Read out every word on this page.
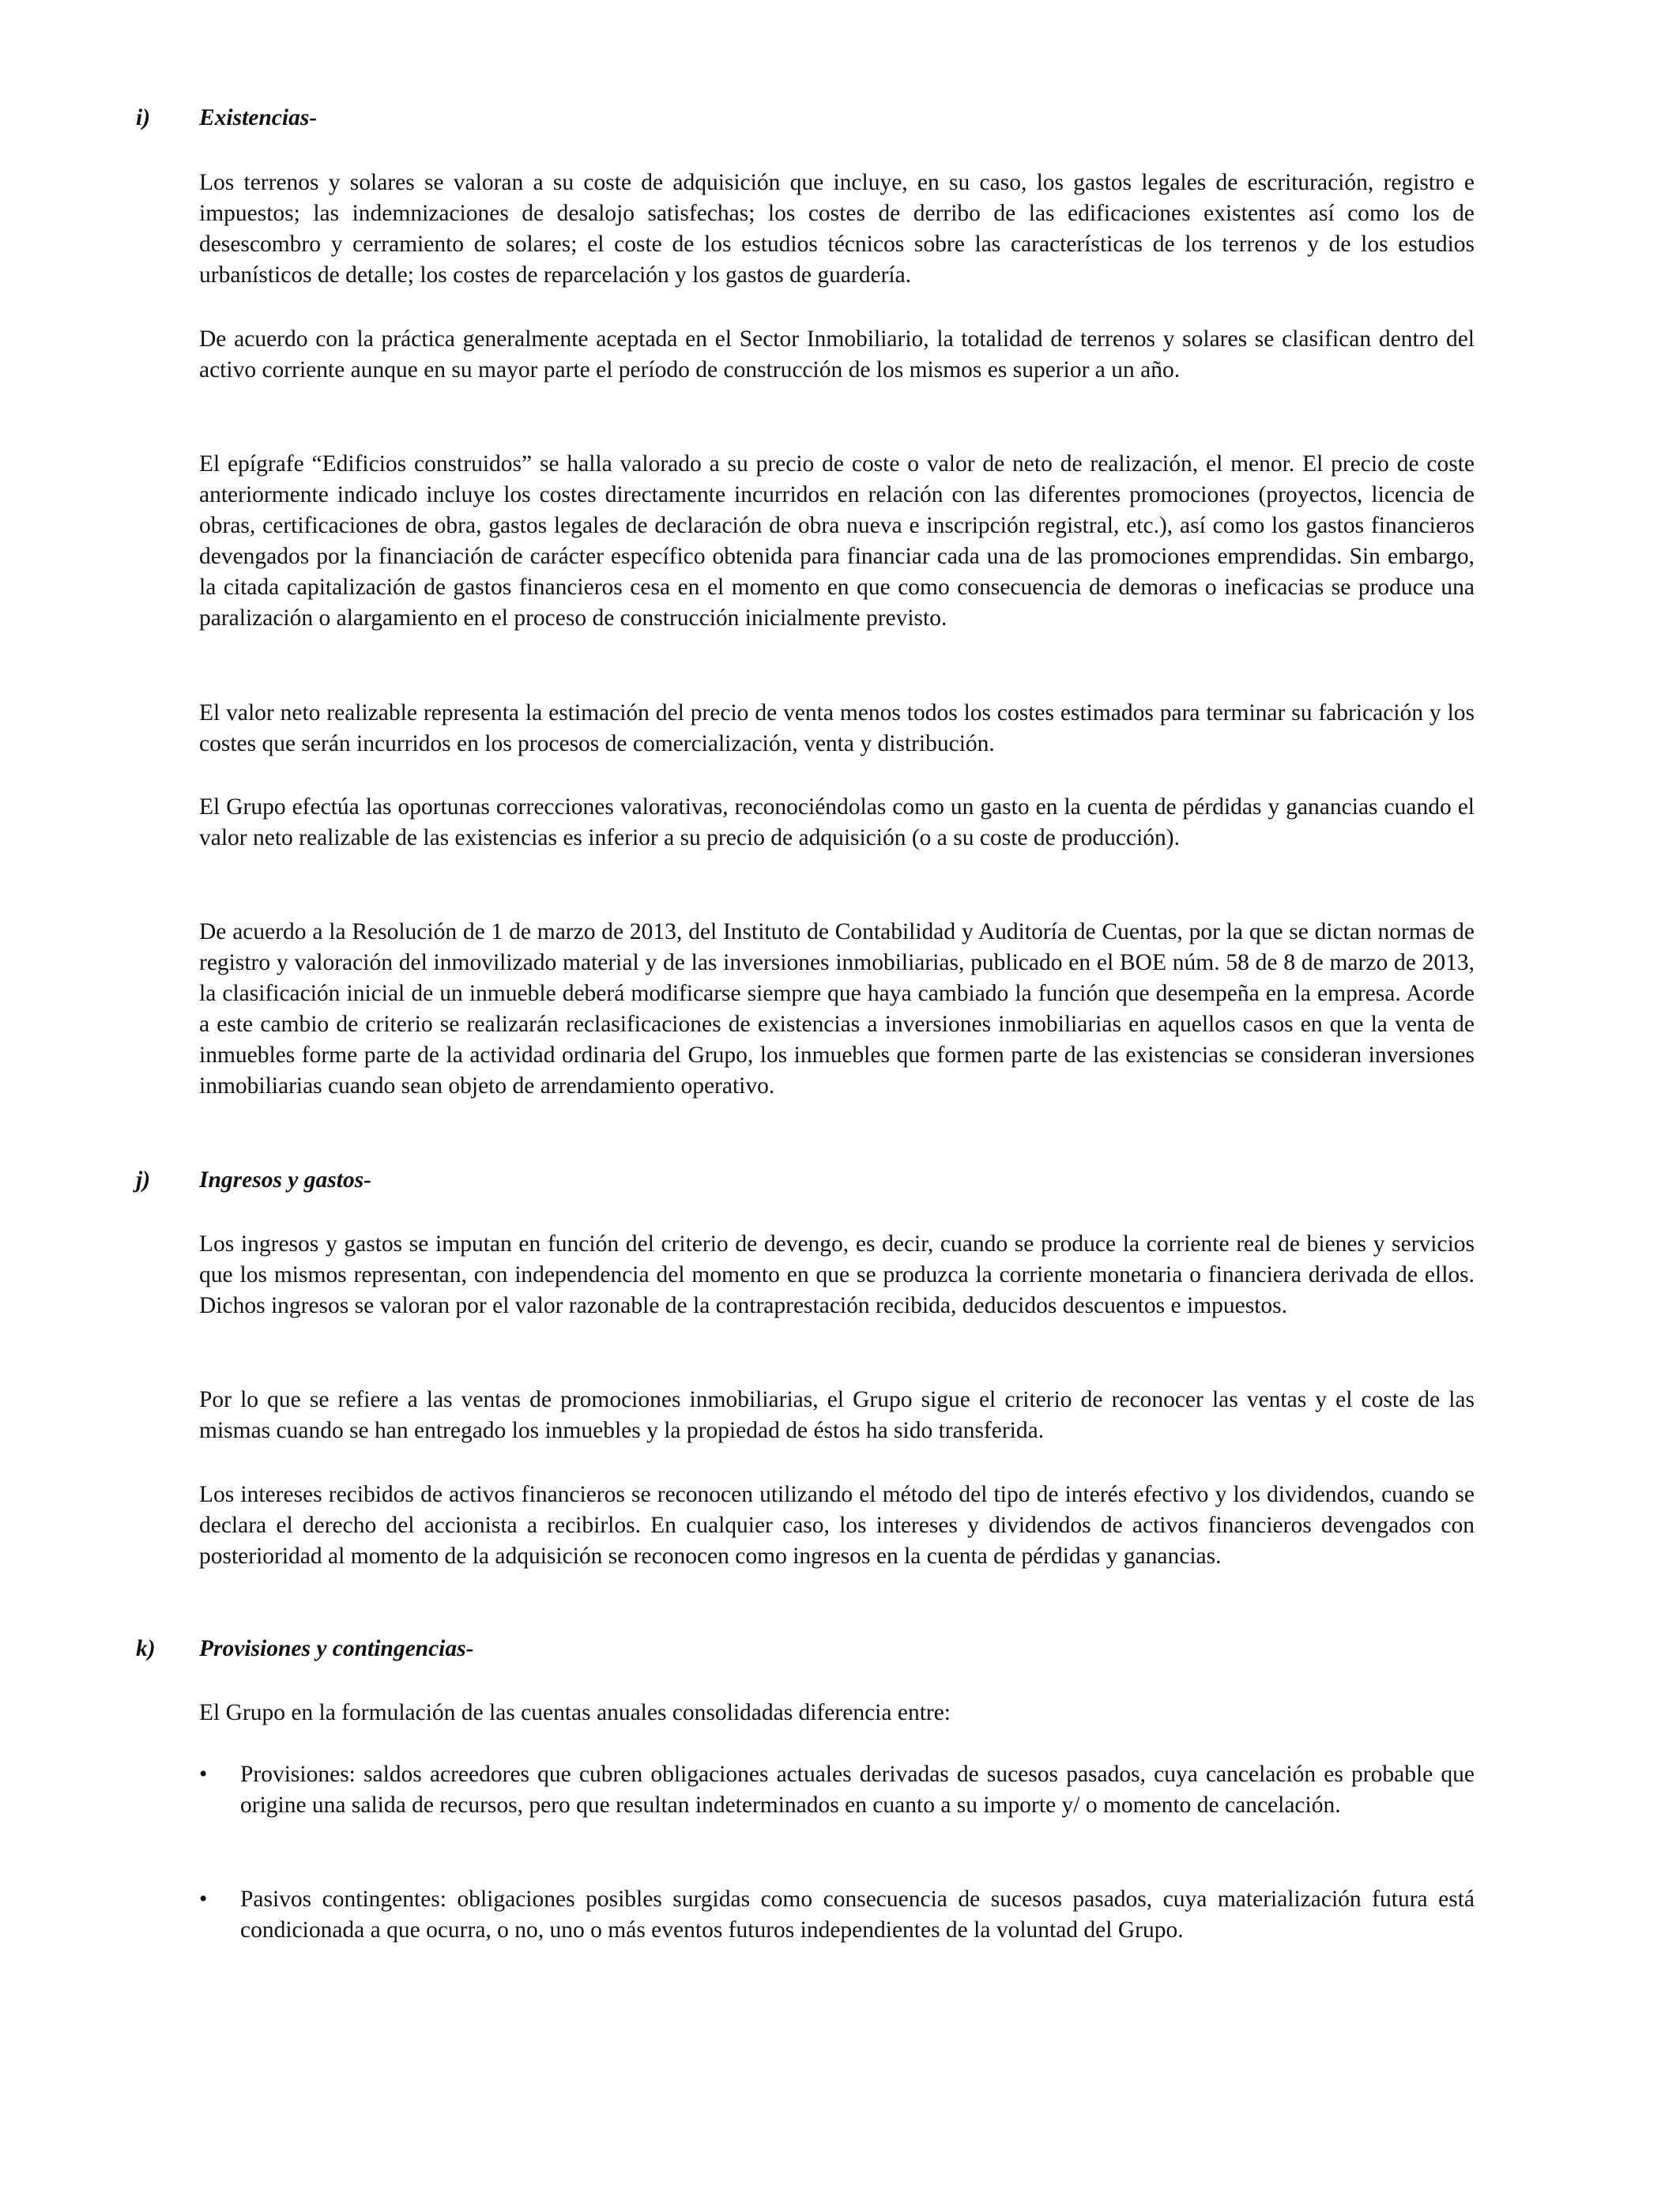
i) Existencias-

Los terrenos y solares se valoran a su coste de adquisición que incluye, en su caso, los gastos legales de escrituración, registro e impuestos; las indemnizaciones de desalojo satisfechas; los costes de derribo de las edificaciones existentes así como los de desescombro y cerramiento de solares; el coste de los estudios técnicos sobre las características de los terrenos y de los estudios urbanísticos de detalle; los costes de reparcelación y los gastos de guardería.

De acuerdo con la práctica generalmente aceptada en el Sector Inmobiliario, la totalidad de terrenos y solares se clasifican dentro del activo corriente aunque en su mayor parte el período de construcción de los mismos es superior a un año.

El epígrafe “Edificios construidos” se halla valorado a su precio de coste o valor de neto de realización, el menor. El precio de coste anteriormente indicado incluye los costes directamente incurridos en relación con las diferentes promociones (proyectos, licencia de obras, certificaciones de obra, gastos legales de declaración de obra nueva e inscripción registral, etc.), así como los gastos financieros devengados por la financiación de carácter específico obtenida para financiar cada una de las promociones emprendidas. Sin embargo, la citada capitalización de gastos financieros cesa en el momento en que como consecuencia de demoras o ineficacias se produce una paralización o alargamiento en el proceso de construcción inicialmente previsto.

El valor neto realizable representa la estimación del precio de venta menos todos los costes estimados para terminar su fabricación y los costes que serán incurridos en los procesos de comercialización, venta y distribución.

El Grupo efectúa las oportunas correcciones valorativas, reconociéndolas como un gasto en la cuenta de pérdidas y ganancias cuando el valor neto realizable de las existencias es inferior a su precio de adquisición (o a su coste de producción).

De acuerdo a la Resolución de 1 de marzo de 2013, del Instituto de Contabilidad y Auditoría de Cuentas, por la que se dictan normas de registro y valoración del inmovilizado material y de las inversiones inmobiliarias, publicado en el BOE núm. 58 de 8 de marzo de 2013, la clasificación inicial de un inmueble deberá modificarse siempre que haya cambiado la función que desempeña en la empresa. Acorde a este cambio de criterio se realizarán reclasificaciones de existencias a inversiones inmobiliarias en aquellos casos en que la venta de inmuebles forme parte de la actividad ordinaria del Grupo, los inmuebles que formen parte de las existencias se consideran inversiones inmobiliarias cuando sean objeto de arrendamiento operativo.

j) Ingresos y gastos-

Los ingresos y gastos se imputan en función del criterio de devengo, es decir, cuando se produce la corriente real de bienes y servicios que los mismos representan, con independencia del momento en que se produzca la corriente monetaria o financiera derivada de ellos. Dichos ingresos se valoran por el valor razonable de la contraprestación recibida, deducidos descuentos e impuestos.

Por lo que se refiere a las ventas de promociones inmobiliarias, el Grupo sigue el criterio de reconocer las ventas y el coste de las mismas cuando se han entregado los inmuebles y la propiedad de éstos ha sido transferida.

Los intereses recibidos de activos financieros se reconocen utilizando el método del tipo de interés efectivo y los dividendos, cuando se declara el derecho del accionista a recibirlos. En cualquier caso, los intereses y dividendos de activos financieros devengados con posterioridad al momento de la adquisición se reconocen como ingresos en la cuenta de pérdidas y ganancias.

k) Provisiones y contingencias-

El Grupo en la formulación de las cuentas anuales consolidadas diferencia entre:

•	Provisiones: saldos acreedores que cubren obligaciones actuales derivadas de sucesos pasados, cuya cancelación es probable que origine una salida de recursos, pero que resultan indeterminados en cuanto a su importe y/ o momento de cancelación.

•	Pasivos contingentes: obligaciones posibles surgidas como consecuencia de sucesos pasados, cuya materialización futura está condicionada a que ocurra, o no, uno o más eventos futuros independientes de la voluntad del Grupo.
